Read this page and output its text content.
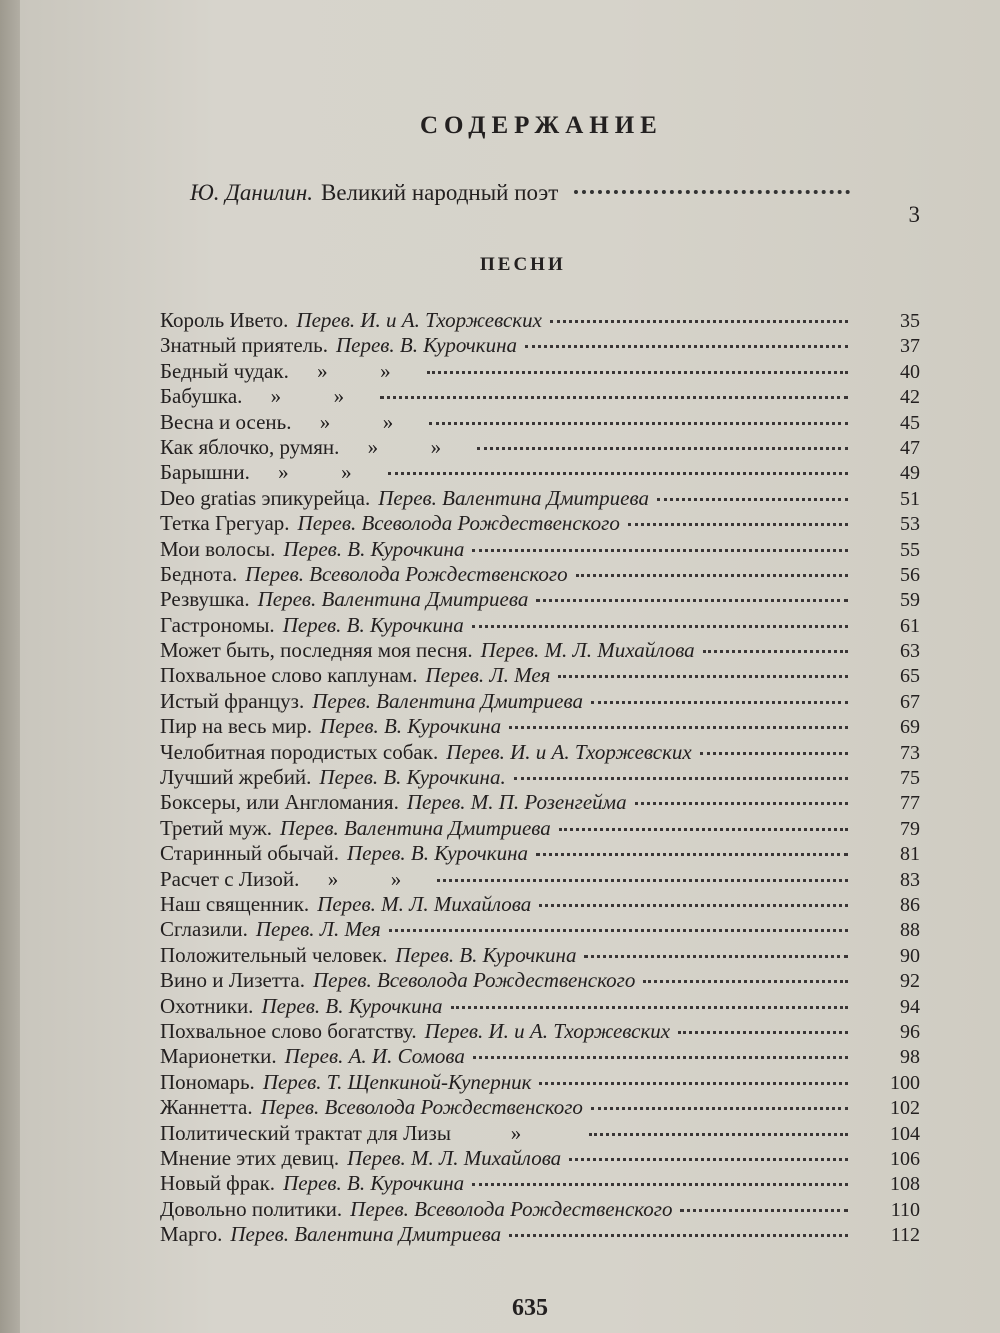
СОДЕРЖАНИЕ
Ю. Данилин. Великий народный поэт
3
ПЕСНИ
Король Ивето. Перев. И. и А. Тхоржевских	35
Знатный приятель. Перев. В. Курочкина	37
Бедный чудак.	»          »	40
Бабушка.	»          »	42
Весна и осень.	»          »	45
Как яблочко, румян.	»          »	47
Барышни.	»          »	49
Deo gratias эпикурейца. Перев. Валентина Дмитриева	51
Тетка Грегуар. Перев. Всеволода Рождественского	53
Мои волосы. Перев. В. Курочкина	55
Беднота. Перев. Всеволода Рождественского	56
Резвушка. Перев. Валентина Дмитриева	59
Гастрономы. Перев. В. Курочкина	61
Может быть, последняя моя песня. Перев. М. Л. Михайлова	63
Похвальное слово каплунам. Перев. Л. Мея	65
Истый француз. Перев. Валентина Дмитриева	67
Пир на весь мир. Перев. В. Курочкина	69
Челобитная породистых собак. Перев. И. и А. Тхоржевских	73
Лучший жребий. Перев. В. Курочкина.	75
Боксеры, или Англомания. Перев. М. П. Розенгейма	77
Третий муж. Перев. Валентина Дмитриева	79
Старинный обычай. Перев. В. Курочкина	81
Расчет с Лизой.	»          »	83
Наш священник. Перев. М. Л. Михайлова	86
Сглазили. Перев. Л. Мея	88
Положительный человек. Перев. В. Курочкина	90
Вино и Лизетта. Перев. Всеволода Рождественского	92
Охотники. Перев. В. Курочкина	94
Похвальное слово богатству. Перев. И. и А. Тхоржевских	96
Марионетки. Перев. А. И. Сомова	98
Пономарь. Перев. Т. Щепкиной-Куперник	100
Жаннетта. Перев. Всеволода Рождественского	102
Политический трактат для Лизы	»	104
Мнение этих девиц. Перев. М. Л. Михайлова	106
Новый фрак. Перев. В. Курочкина	108
Довольно политики. Перев. Всеволода Рождественского	110
Марго. Перев. Валентина Дмитриева	112
635
